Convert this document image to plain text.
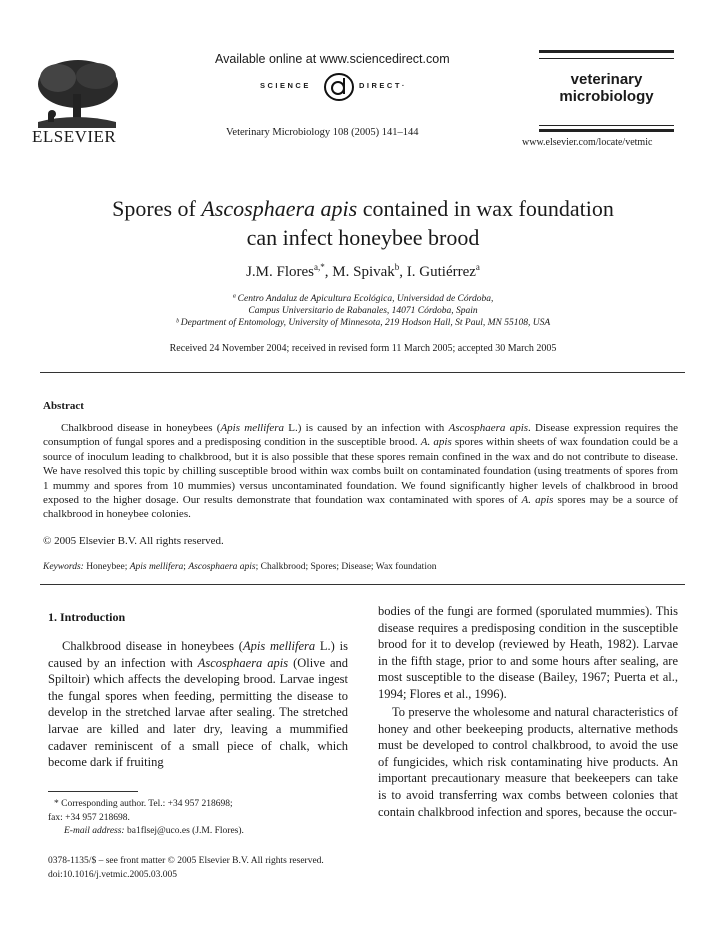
ELSEVIER
Available online at www.sciencedirect.com
SCIENCE	DIRECT·
Veterinary Microbiology 108 (2005) 141–144
veterinary
microbiology
www.elsevier.com/locate/vetmic
Spores of Ascosphaera apis contained in wax foundation
can infect honeybee brood
J.M. Flores$^{a,*}$, M. Spivak$^b$, I. Gutiérrez$^a$
ª Centro Andaluz de Apicultura Ecológica, Universidad de Córdoba,
Campus Universitario de Rabanales, 14071 Córdoba, Spain
ᵇ Department of Entomology, University of Minnesota, 219 Hodson Hall, St Paul, MN 55108, USA
Received 24 November 2004; received in revised form 11 March 2005; accepted 30 March 2005
Abstract
Chalkbrood disease in honeybees (Apis mellifera L.) is caused by an infection with Ascosphaera apis. Disease expression requires the consumption of fungal spores and a predisposing condition in the susceptible brood. A. apis spores within sheets of wax foundation could be a source of inoculum leading to chalkbrood, but it is also possible that these spores remain confined in the wax and do not contribute to disease. We have resolved this topic by chilling susceptible brood within wax combs built on contaminated foundation (using treatments of spores from 1 mummy and spores from 10 mummies) versus uncontaminated foundation. We found significantly higher levels of chalkbrood in brood exposed to the higher dosage. Our results demonstrate that foundation wax contaminated with spores of A. apis spores may be a source of chalkbrood in honeybee colonies.
© 2005 Elsevier B.V. All rights reserved.
Keywords: Honeybee; Apis mellifera; Ascosphaera apis; Chalkbrood; Spores; Disease; Wax foundation
1. Introduction
Chalkbrood disease in honeybees (Apis mellifera L.) is caused by an infection with Ascosphaera apis (Olive and Spiltoir) which affects the developing brood. Larvae ingest the fungal spores when feeding, permitting the disease to develop in the stretched larvae after sealing. The stretched larvae are killed and later dry, leaving a mummified cadaver reminiscent of a small piece of chalk, which become dark if fruiting
bodies of the fungi are formed (sporulated mummies). This disease requires a predisposing condition in the susceptible brood for it to develop (reviewed by Heath, 1982). Larvae in the fifth stage, prior to and some hours after sealing, are most susceptible to the disease (Bailey, 1967; Puerta et al., 1994; Flores et al., 1996).
To preserve the wholesome and natural characteristics of honey and other beekeeping products, alternative methods must be developed to control chalkbrood, to avoid the use of fungicides, which risk contaminating hive products. An important precautionary measure that beekeepers can take is to avoid transferring wax combs between colonies that contain chalkbrood infection and spores, because the occur-
* Corresponding author. Tel.: +34 957 218698;
fax: +34 957 218698.
E-mail address: ba1flsej@uco.es (J.M. Flores).
0378-1135/$ – see front matter © 2005 Elsevier B.V. All rights reserved.
doi:10.1016/j.vetmic.2005.03.005
